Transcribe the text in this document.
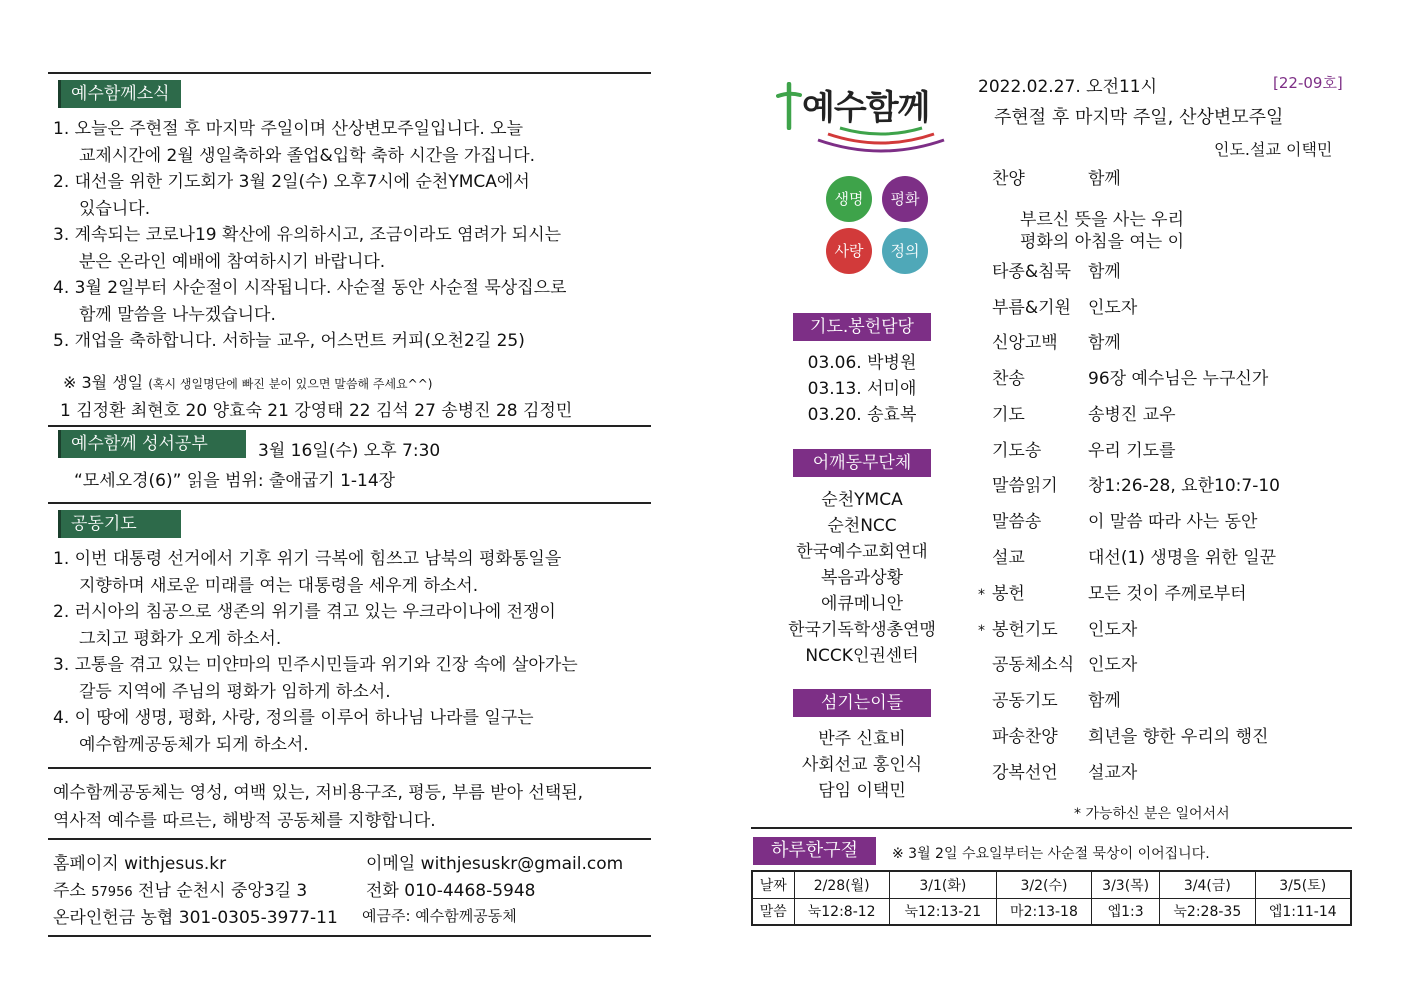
예수함께소식
1. 오늘은 주현절 후 마지막 주일이며 산상변모주일입니다. 오늘
교제시간에 2월 생일축하와 졸업&입학 축하 시간을 가집니다.
2. 대선을 위한 기도회가 3월 2일(수) 오후7시에 순천YMCA에서
있습니다.
3. 계속되는 코로나19 확산에 유의하시고, 조금이라도 염려가 되시는
분은 온라인 예배에 참여하시기 바랍니다.
4. 3월 2일부터 사순절이 시작됩니다. 사순절 동안 사순절 묵상집으로
함께 말씀을 나누겠습니다.
5. 개업을 축하합니다. 서하늘 교우, 어스먼트 커피(오천2길 25)
※ 3월 생일 (혹시 생일명단에 빠진 분이 있으면 말씀해 주세요^^)
1 김정환 최현호 20 양효숙 21 강영태 22 김석 27 송병진 28 김정민
예수함께 성서공부	3월 16일(수) 오후 7:30
“모세오경(6)” 읽을 범위: 출애굽기 1-14장
공동기도
1. 이번 대통령 선거에서 기후 위기 극복에 힘쓰고 남북의 평화통일을
지향하며 새로운 미래를 여는 대통령을 세우게 하소서.
2. 러시아의 침공으로 생존의 위기를 겪고 있는 우크라이나에 전쟁이
그치고 평화가 오게 하소서.
3. 고통을 겪고 있는 미얀마의 민주시민들과 위기와 긴장 속에 살아가는
갈등 지역에 주님의 평화가 임하게 하소서.
4. 이 땅에 생명, 평화, 사랑, 정의를 이루어 하나님 나라를 일구는
예수함께공동체가 되게 하소서.
예수함께공동체는 영성, 여백 있는, 저비용구조, 평등, 부름 받아 선택된,
역사적 예수를 따르는, 해방적 공동체를 지향합니다.
홈페이지 withjesus.kr	이메일 withjesuskr@gmail.com
주소 57956 전남 순천시 중앙3길 3	전화 010-4468-5948
온라인헌금 농협 301-0305-3977-11 예금주: 예수함께공동체
예수함께
생명	평화
사랑	정의
기도.봉헌담당
03.06. 박병원
03.13. 서미애
03.20. 송효복
어깨동무단체
순천YMCA
순천NCC
한국예수교회연대
복음과상황
에큐메니안
한국기독학생총연맹
NCCK인권센터
섬기는이들
반주 신효비
사회선교 홍인식
담임 이택민
2022.02.27. 오전11시	[22-09호]
주현절 후 마지막 주일, 산상변모주일
인도.설교 이택민
찬양	함께
부르신 뜻을 사는 우리
평화의 아침을 여는 이
타종&침묵 함께
부름&기원 인도자
신앙고백 함께
찬송	96장 예수님은 누구신가
기도	송병진 교우
기도송	우리 기도를
말씀읽기 창1:26-28, 요한10:7-10
말씀송	이 말씀 따라 사는 동안
설교	대선(1) 생명을 위한 일꾼
* 봉헌	모든 것이 주께로부터
* 봉헌기도 인도자
공동체소식 인도자
공동기도 함께
파송찬양 희년을 향한 우리의 행진
강복선언 설교자
* 가능하신 분은 일어서서
하루한구절	※ 3월 2일 수요일부터는 사순절 묵상이 이어집니다.
날짜	2/28(월)	3/1(화)	3/2(수)	3/3(목)	3/4(금)	3/5(토)
말씀	눅12:8-12	눅12:13-21	마2:13-18	엡1:3	눅2:28-35	엡1:11-14
